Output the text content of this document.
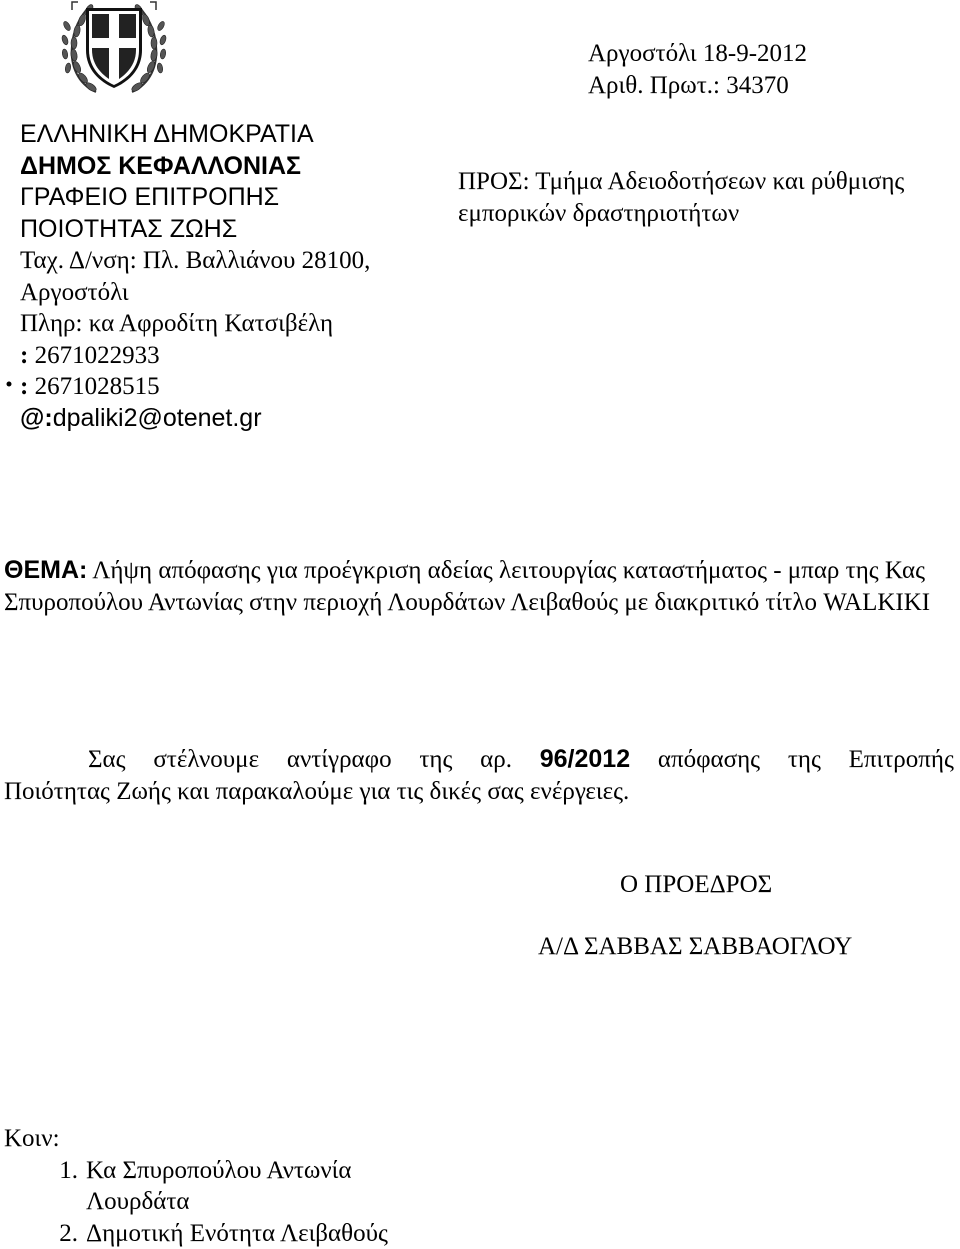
ΕΛΛΗΝΙΚΗ ΔΗΜΟΚΡΑΤΙΑ
ΔΗΜΟΣ ΚΕΦΑΛΛΟΝΙΑΣ
ΓΡΑΦΕΙΟ ΕΠΙΤΡΟΠΗΣ
ΠΟΙΟΤΗΤΑΣ ΖΩΗΣ
Ταχ. Δ/νση: Πλ. Βαλλιάνου 28100,
Αργοστόλι
Πληρ: κα Αφροδίτη Κατσιβέλη
: 2671022933
: 2671028515
@:dpaliki2@otenet.gr
Αργοστόλι 18-9-2012
Αριθ. Πρωτ.: 34370
ΠΡΟΣ: Τμήμα Αδειοδοτήσεων και ρύθμισης
εμπορικών δραστηριοτήτων
ΘΕΜΑ: Λήψη απόφασης για προέγκριση αδείας λειτουργίας καταστήματος - μπαρ της Κας Σπυροπούλου Αντωνίας στην περιοχή Λουρδάτων Λειβαθούς με διακριτικό τίτλο WALKIKI

Σας στέλνουμε αντίγραφο της αρ. 96/2012 απόφασης της Επιτροπής

Ποιότητας Ζωής και παρακαλούμε για τις δικές σας ενέργειες.

Ο ΠΡΟΕΔΡΟΣ
Α/Δ ΣΑΒΒΑΣ ΣΑΒΒΑΟΓΛΟΥ
Κοιν:
1. Κα Σπυροπούλου Αντωνία
Λουρδάτα
2. Δημοτική Ενότητα Λειβαθούς
